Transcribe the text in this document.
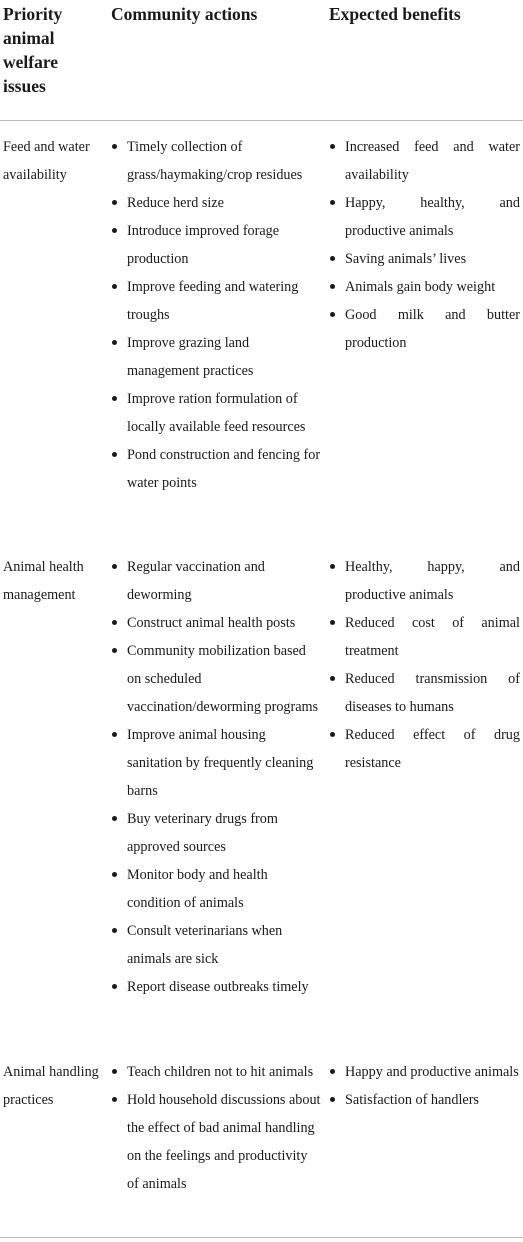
Priority animal welfare issues
Community actions	Expected benefits
Feed and water availability
Timely collection of grass/haymaking/crop residues
Reduce herd size
Introduce improved forage production
Improve feeding and watering troughs
Improve grazing land management practices
Improve ration formulation of locally available feed resources
Pond construction and fencing for water points
Increased feed and water availability
Happy, healthy, and productive animals
Saving animals’ lives
Animals gain body weight
Good milk and butter production
Animal health management
Regular vaccination and deworming
Construct animal health posts
Community mobilization based on scheduled vaccination/deworming programs
Improve animal housing sanitation by frequently cleaning barns
Buy veterinary drugs from approved sources
Monitor body and health condition of animals
Consult veterinarians when animals are sick
Report disease outbreaks timely
Healthy, happy, and productive animals
Reduced cost of animal treatment
Reduced transmission of diseases to humans
Reduced effect of drug resistance
Animal handling practices
Teach children not to hit animals
Hold household discussions about the effect of bad animal handling on the feelings and productivity of animals
Happy and productive animals
Satisfaction of handlers
